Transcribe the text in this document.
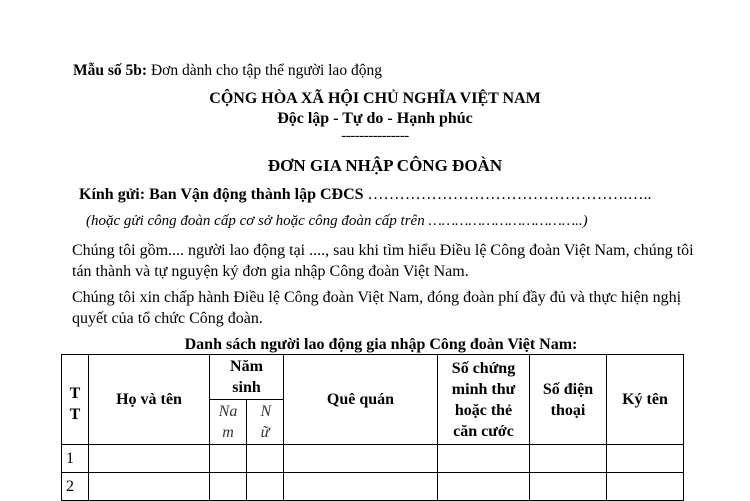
Mẫu số 5b: Đơn dành cho tập thể người lao động
CỘNG HÒA XÃ HỘI CHỦ NGHĨA VIỆT NAM
Độc lập - Tự do - Hạnh phúc
---------------
ĐƠN GIA NHẬP CÔNG ĐOÀN
Kính gửi: Ban Vận động thành lập CĐCS ………………………………………….…..
(hoặc gửi công đoàn cấp cơ sở hoặc công đoàn cấp trên ……………………………..)
Chúng tôi gồm.... người lao động tại ...., sau khi tìm hiểu Điều lệ Công đoàn Việt Nam, chúng tôi tán thành và tự nguyện ký đơn gia nhập Công đoàn Việt Nam.
Chúng tôi xin chấp hành Điều lệ Công đoàn Việt Nam, đóng đoàn phí đầy đủ và thực hiện nghị quyết của tổ chức Công đoàn.
Danh sách người lao động gia nhập Công đoàn Việt Nam:
TT	Họ và tên	Năm sinh		Quê quán	Số chứng minh thư hoặc thẻ căn cước	Số điện thoại	Ký tên
		Nam	Nữ				
1							
2							
